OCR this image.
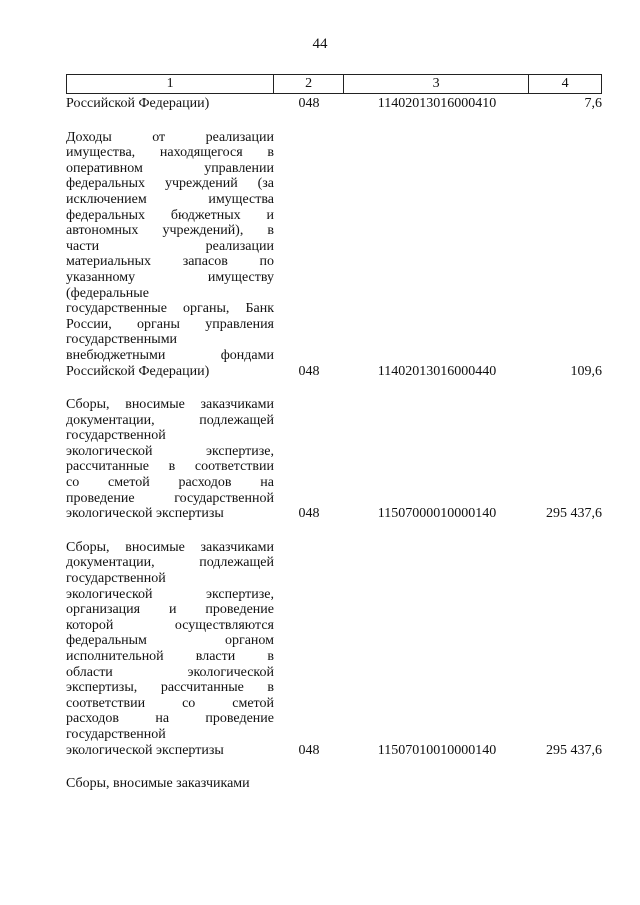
44
1	2	3	4
Российской Федерации)	048	11402013016000410	7,6
Доходы от реализации
имущества, находящегося в
оперативном управлении
федеральных учреждений (за
исключением имущества
федеральных бюджетных и
автономных учреждений), в
части реализации
материальных запасов по
указанному имуществу
(федеральные
государственные органы, Банк
России, органы управления
государственными
внебюджетными фондами
Российской Федерации)	048	11402013016000440	109,6
Сборы, вносимые заказчиками
документации, подлежащей
государственной
экологической экспертизе,
рассчитанные в соответствии
со сметой расходов на
проведение государственной
экологической экспертизы	048	11507000010000140	295 437,6
Сборы, вносимые заказчиками
документации, подлежащей
государственной
экологической экспертизе,
организация и проведение
которой осуществляются
федеральным органом
исполнительной власти в
области экологической
экспертизы, рассчитанные в
соответствии со сметой
расходов на проведение
государственной
экологической экспертизы	048	11507010010000140	295 437,6
Сборы, вносимые заказчиками
